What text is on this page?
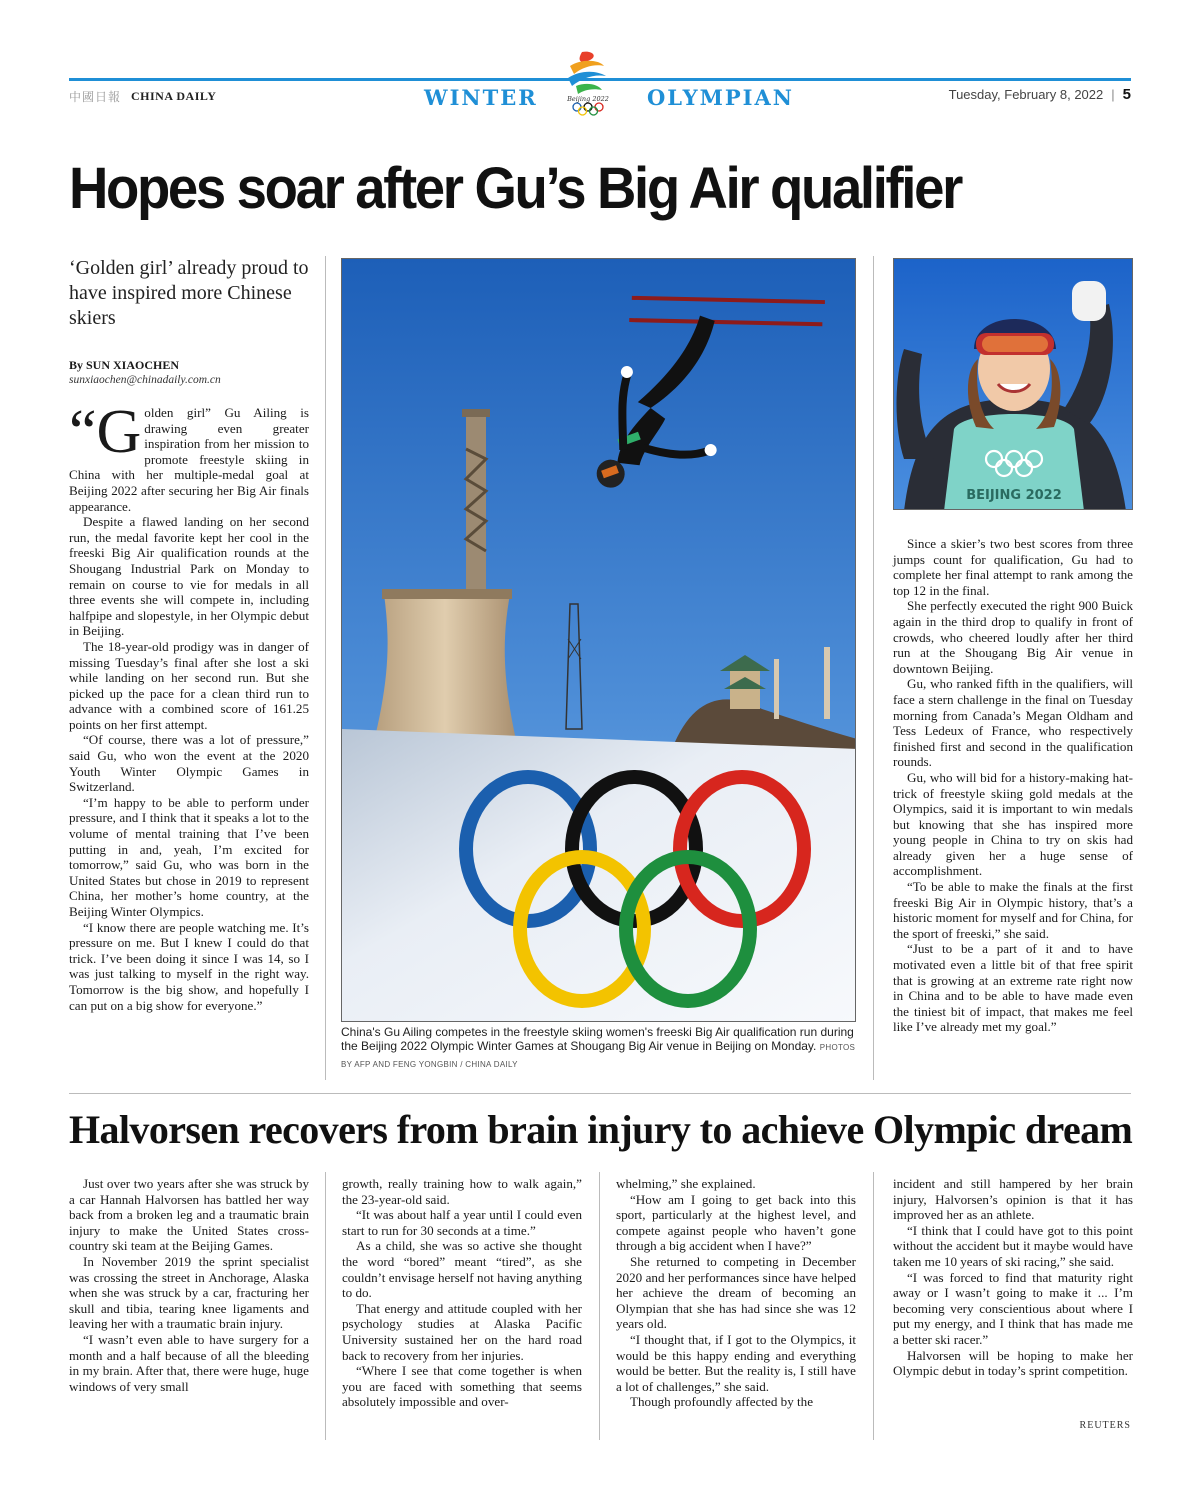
中國日報 CHINA DAILY	WINTER	Beijing 2022 OLYMPIAN	Tuesday, February 8, 2022 | 5
Hopes soar after Gu’s Big Air qualifier
‘Golden girl’ already proud to have inspired more Chinese skiers
By SUN XIAOCHEN
sunxiaochen@chinadaily.com.cn

“Golden girl” Gu Ailing is drawing even greater inspiration from her mission to promote freestyle skiing in China with her multiple-medal goal at Beijing 2022 after securing her Big Air finals appearance.

Despite a flawed landing on her second run, the medal favorite kept her cool in the freeski Big Air qualification rounds at the Shougang Industrial Park on Monday to remain on course to vie for medals in all three events she will compete in, including halfpipe and slopestyle, in her Olympic debut in Beijing.

The 18-year-old prodigy was in danger of missing Tuesday’s final after she lost a ski while landing on her second run. But she picked up the pace for a clean third run to advance with a combined score of 161.25 points on her first attempt.

“Of course, there was a lot of pressure,” said Gu, who won the event at the 2020 Youth Winter Olympic Games in Switzerland.

“I’m happy to be able to perform under pressure, and I think that it speaks a lot to the volume of mental training that I’ve been putting in and, yeah, I’m excited for tomorrow,” said Gu, who was born in the United States but chose in 2019 to represent China, her mother’s home country, at the Beijing Winter Olympics.

“I know there are people watching me. It’s pressure on me. But I knew I could do that trick. I’ve been doing it since I was 14, so I was just talking to myself in the right way. Tomorrow is the big show, and hopefully I can put on a big show for everyone.”

China's Gu Ailing competes in the freestyle skiing women's freeski Big Air qualification run during the Beijing 2022 Olympic Winter Games at Shougang Big Air venue in Beijing on Monday. PHOTOS BY AFP AND FENG YONGBIN / CHINA DAILY
BEIJING 2022

Since a skier’s two best scores from three jumps count for qualification, Gu had to complete her final attempt to rank among the top 12 in the final.

She perfectly executed the right 900 Buick again in the third drop to qualify in front of crowds, who cheered loudly after her third run at the Shougang Big Air venue in downtown Beijing.

Gu, who ranked fifth in the qualifiers, will face a stern challenge in the final on Tuesday morning from Canada’s Megan Oldham and Tess Ledeux of France, who respectively finished first and second in the qualification rounds.

Gu, who will bid for a history-making hat-trick of freestyle skiing gold medals at the Olympics, said it is important to win medals but knowing that she has inspired more young people in China to try on skis had already given her a huge sense of accomplishment.

“To be able to make the finals at the first freeski Big Air in Olympic history, that’s a historic moment for myself and for China, for the sport of freeski,” she said.

“Just to be a part of it and to have motivated even a little bit of that free spirit that is growing at an extreme rate right now in China and to be able to have made even the tiniest bit of impact, that makes me feel like I’ve already met my goal.”

Halvorsen recovers from brain injury to achieve Olympic dream

Just over two years after she was struck by a car Hannah Halvorsen has battled her way back from a broken leg and a traumatic brain injury to make the United States cross-country ski team at the Beijing Games.

In November 2019 the sprint specialist was crossing the street in Anchorage, Alaska when she was struck by a car, fracturing her skull and tibia, tearing knee ligaments and leaving her with a traumatic brain injury.

“I wasn’t even able to have surgery for a month and a half because of all the bleeding in my brain. After that, there were huge, huge windows of very small

growth, really training how to walk again,” the 23-year-old said.

“It was about half a year until I could even start to run for 30 seconds at a time.”

As a child, she was so active she thought the word “bored” meant “tired”, as she couldn’t envisage herself not having anything to do.

That energy and attitude coupled with her psychology studies at Alaska Pacific University sustained her on the hard road back to recovery from her injuries.

“Where I see that come together is when you are faced with something that seems absolutely impossible and over-

whelming,” she explained.

“How am I going to get back into this sport, particularly at the highest level, and compete against people who haven’t gone through a big accident when I have?”

She returned to competing in December 2020 and her performances since have helped her achieve the dream of becoming an Olympian that she has had since she was 12 years old.

“I thought that, if I got to the Olympics, it would be this happy ending and everything would be better. But the reality is, I still have a lot of challenges,” she said.

Though profoundly affected by the

incident and still hampered by her brain injury, Halvorsen’s opinion is that it has improved her as an athlete.

“I think that I could have got to this point without the accident but it maybe would have taken me 10 years of ski racing,” she said.

“I was forced to find that maturity right away or I wasn’t going to make it ... I’m becoming very conscientious about where I put my energy, and I think that has made me a better ski racer.”

Halvorsen will be hoping to make her Olympic debut in today’s sprint competition.

REUTERS
